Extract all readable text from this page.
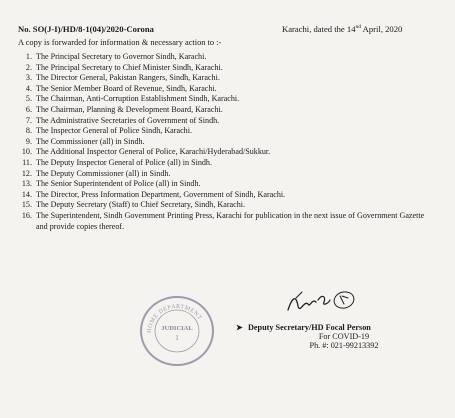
No. SO(J-I)/HD/8-1(04)/2020-Corona	Karachi, dated the 14nd April, 2020
A copy is forwarded for information & necessary action to :-
1. The Principal Secretary to Governor Sindh, Karachi.
2. The Principal Secretary to Chief Minister Sindh, Karachi.
3. The Director General, Pakistan Rangers, Sindh, Karachi.
4. The Senior Member Board of Revenue, Sindh, Karachi.
5. The Chairman, Anti-Corruption Establishment Sindh, Karachi.
6. The Chairman, Planning & Development Board, Karachi.
7. The Administrative Secretaries of Government of Sindh.
8. The Inspector General of Police Sindh, Karachi.
9. The Commissioner (all) in Sindh.
10. The Additional Inspector General of Police, Karachi/Hyderabad/Sukkur.
11. The Deputy Inspector General of Police (all) in Sindh.
12. The Deputy Commissioner (all) in Sindh.
13. The Senior Superintendent of Police (all) in Sindh.
14. The Director, Press Information Department, Government of Sindh, Karachi.
15. The Deputy Secretary (Staff) to Chief Secretary, Sindh, Karachi.
16. The Superintendent, Sindh Government Printing Press, Karachi for publication in the next issue of Government Gazette and provide copies thereof.
HOME DEPARTMENT
JUDICIAL
1
➤ Deputy Secretary/HD Focal Person
For COVID-19
Ph. #: 021-99213392
